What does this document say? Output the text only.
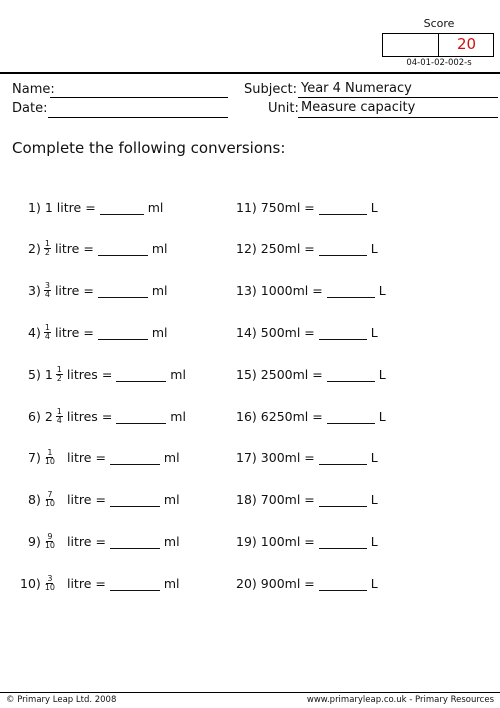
Score
20
04-01-02-002-s
Name:
Date:
Subject: Year 4 Numeracy
Unit: Measure capacity
Complete the following conversions:
1) 1 litre =	ml
$2) \frac{1}{2}$ litre =	ml
$3) \frac{3}{4}$ litre =	ml
$4) \frac{1}{4}$ litre =	ml
5) $1 \frac{1}{2}$ litres =	ml
6) $2 \frac{1}{4}$ litres =	ml
$7) \frac{1}{10}$ litre =	ml
$8) \frac{7}{10}$ litre =	ml
$9) \frac{9}{10}$ litre =	ml
$10) \frac{3}{10}$ litre =	ml
11) 750ml =	L
12) 250ml =	L
13) 1000ml =	L
14) 500ml =	L
15) 2500ml =	L
16) 6250ml =	L
17) 300ml =	L
18) 700ml =	L
19) 100ml =	L
20) 900ml =	L
© Primary Leap Ltd. 2008	www.primaryleap.co.uk - Primary Resources
